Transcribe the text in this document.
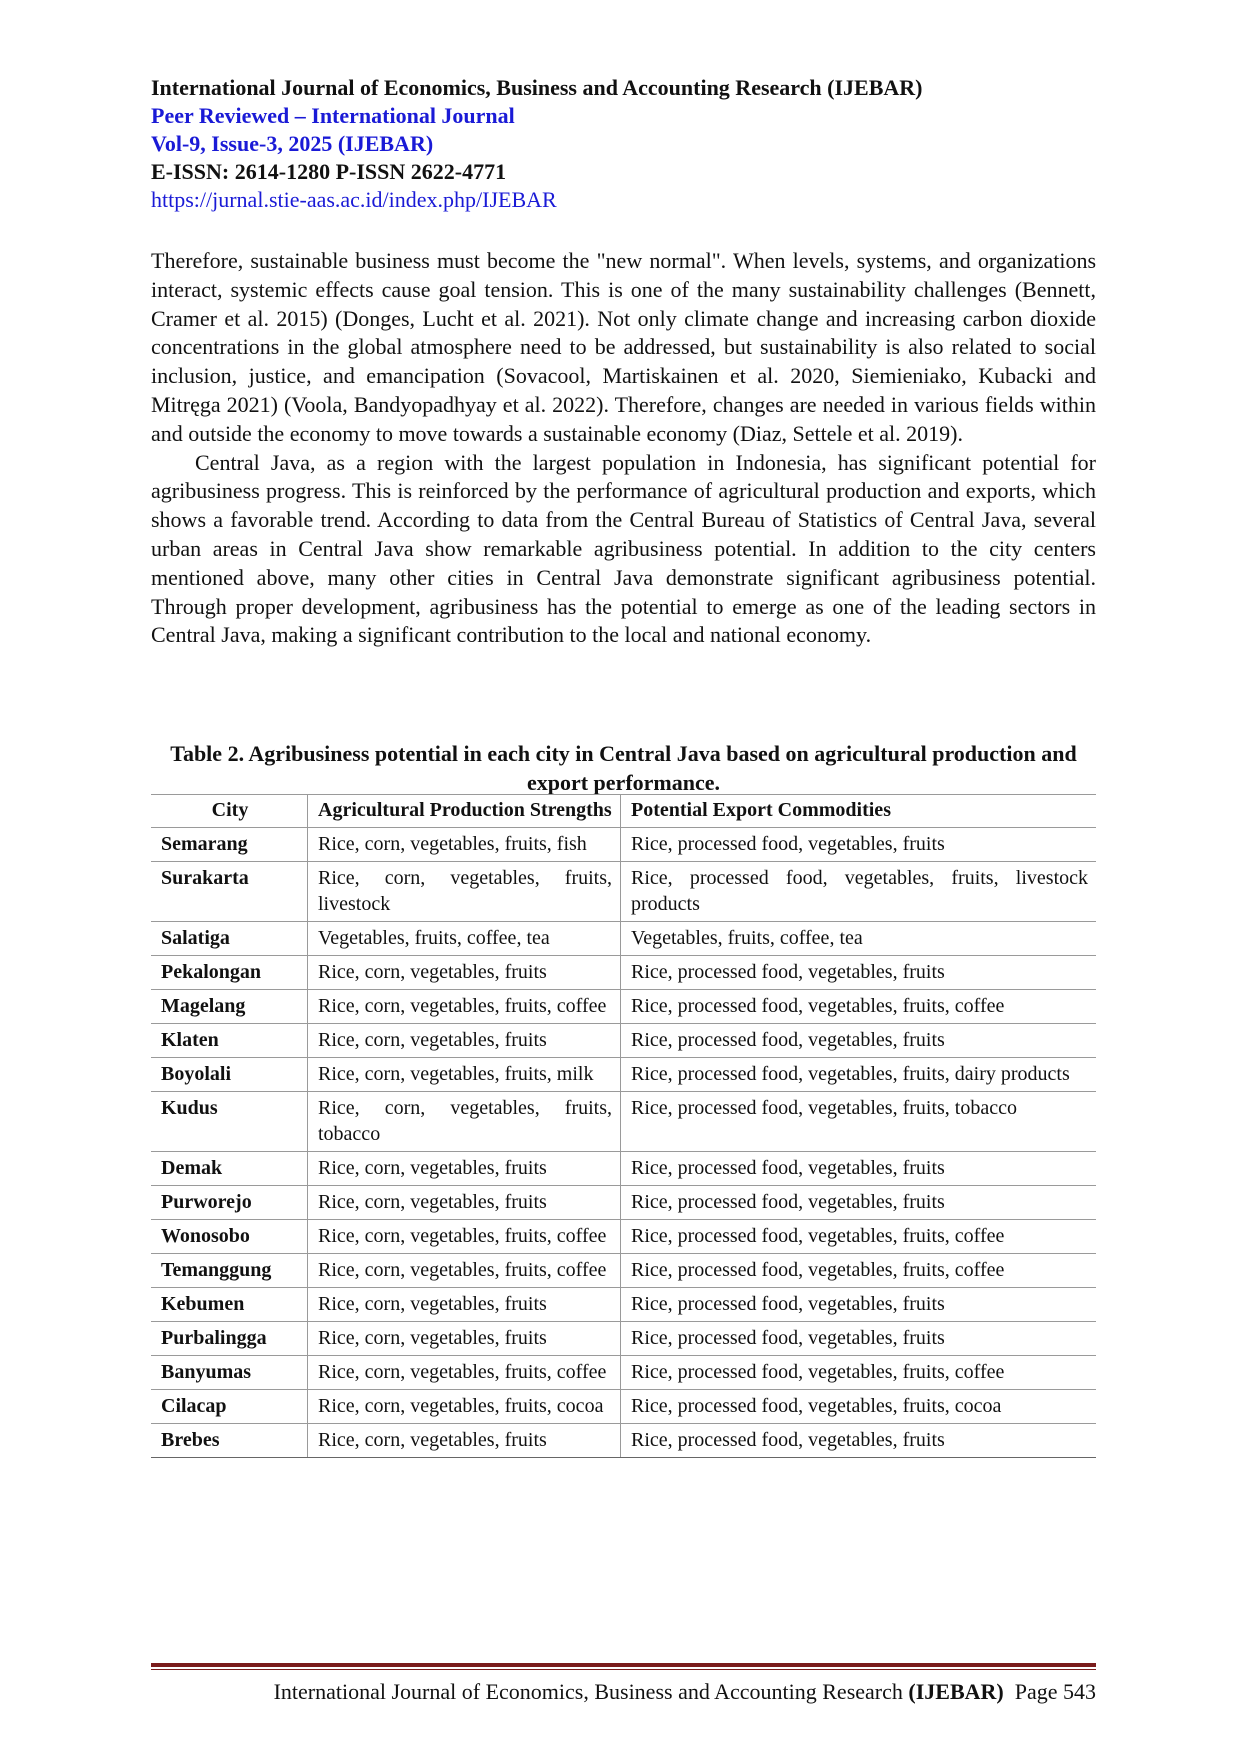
International Journal of Economics, Business and Accounting Research (IJEBAR)
Peer Reviewed – International Journal
Vol-9, Issue-3, 2025 (IJEBAR)
E-ISSN: 2614-1280 P-ISSN 2622-4771
https://jurnal.stie-aas.ac.id/index.php/IJEBAR

Therefore, sustainable business must become the "new normal". When levels, systems, and organizations interact, systemic effects cause goal tension. This is one of the many sustainability challenges (Bennett, Cramer et al. 2015) (Donges, Lucht et al. 2021). Not only climate change and increasing carbon dioxide concentrations in the global atmosphere need to be addressed, but sustainability is also related to social inclusion, justice, and emancipation (Sovacool, Martiskainen et al. 2020, Siemieniako, Kubacki and Mitręga 2021) (Voola, Bandyopadhyay et al. 2022). Therefore, changes are needed in various fields within and outside the economy to move towards a sustainable economy (Diaz, Settele et al. 2019).

Central Java, as a region with the largest population in Indonesia, has significant potential for agribusiness progress. This is reinforced by the performance of agricultural production and exports, which shows a favorable trend. According to data from the Central Bureau of Statistics of Central Java, several urban areas in Central Java show remarkable agribusiness potential. In addition to the city centers mentioned above, many other cities in Central Java demonstrate significant agribusiness potential. Through proper development, agribusiness has the potential to emerge as one of the leading sectors in Central Java, making a significant contribution to the local and national economy.

Table 2. Agribusiness potential in each city in Central Java based on agricultural production and export performance.
City	Agricultural Production Strengths	Potential Export Commodities
Semarang	Rice, corn, vegetables, fruits, fish	Rice, processed food, vegetables, fruits
Surakarta	Rice, corn, vegetables, fruits, livestock	Rice, processed food, vegetables, fruits, livestock products
Salatiga	Vegetables, fruits, coffee, tea	Vegetables, fruits, coffee, tea
Pekalongan	Rice, corn, vegetables, fruits	Rice, processed food, vegetables, fruits
Magelang	Rice, corn, vegetables, fruits, coffee	Rice, processed food, vegetables, fruits, coffee
Klaten	Rice, corn, vegetables, fruits	Rice, processed food, vegetables, fruits
Boyolali	Rice, corn, vegetables, fruits, milk	Rice, processed food, vegetables, fruits, dairy products
Kudus	Rice, corn, vegetables, fruits, tobacco	Rice, processed food, vegetables, fruits, tobacco
Demak	Rice, corn, vegetables, fruits	Rice, processed food, vegetables, fruits
Purworejo	Rice, corn, vegetables, fruits	Rice, processed food, vegetables, fruits
Wonosobo	Rice, corn, vegetables, fruits, coffee	Rice, processed food, vegetables, fruits, coffee
Temanggung	Rice, corn, vegetables, fruits, coffee	Rice, processed food, vegetables, fruits, coffee
Kebumen	Rice, corn, vegetables, fruits	Rice, processed food, vegetables, fruits
Purbalingga	Rice, corn, vegetables, fruits	Rice, processed food, vegetables, fruits
Banyumas	Rice, corn, vegetables, fruits, coffee	Rice, processed food, vegetables, fruits, coffee
Cilacap	Rice, corn, vegetables, fruits, cocoa	Rice, processed food, vegetables, fruits, cocoa
Brebes	Rice, corn, vegetables, fruits	Rice, processed food, vegetables, fruits
International Journal of Economics, Business and Accounting Research (IJEBAR) Page 543
